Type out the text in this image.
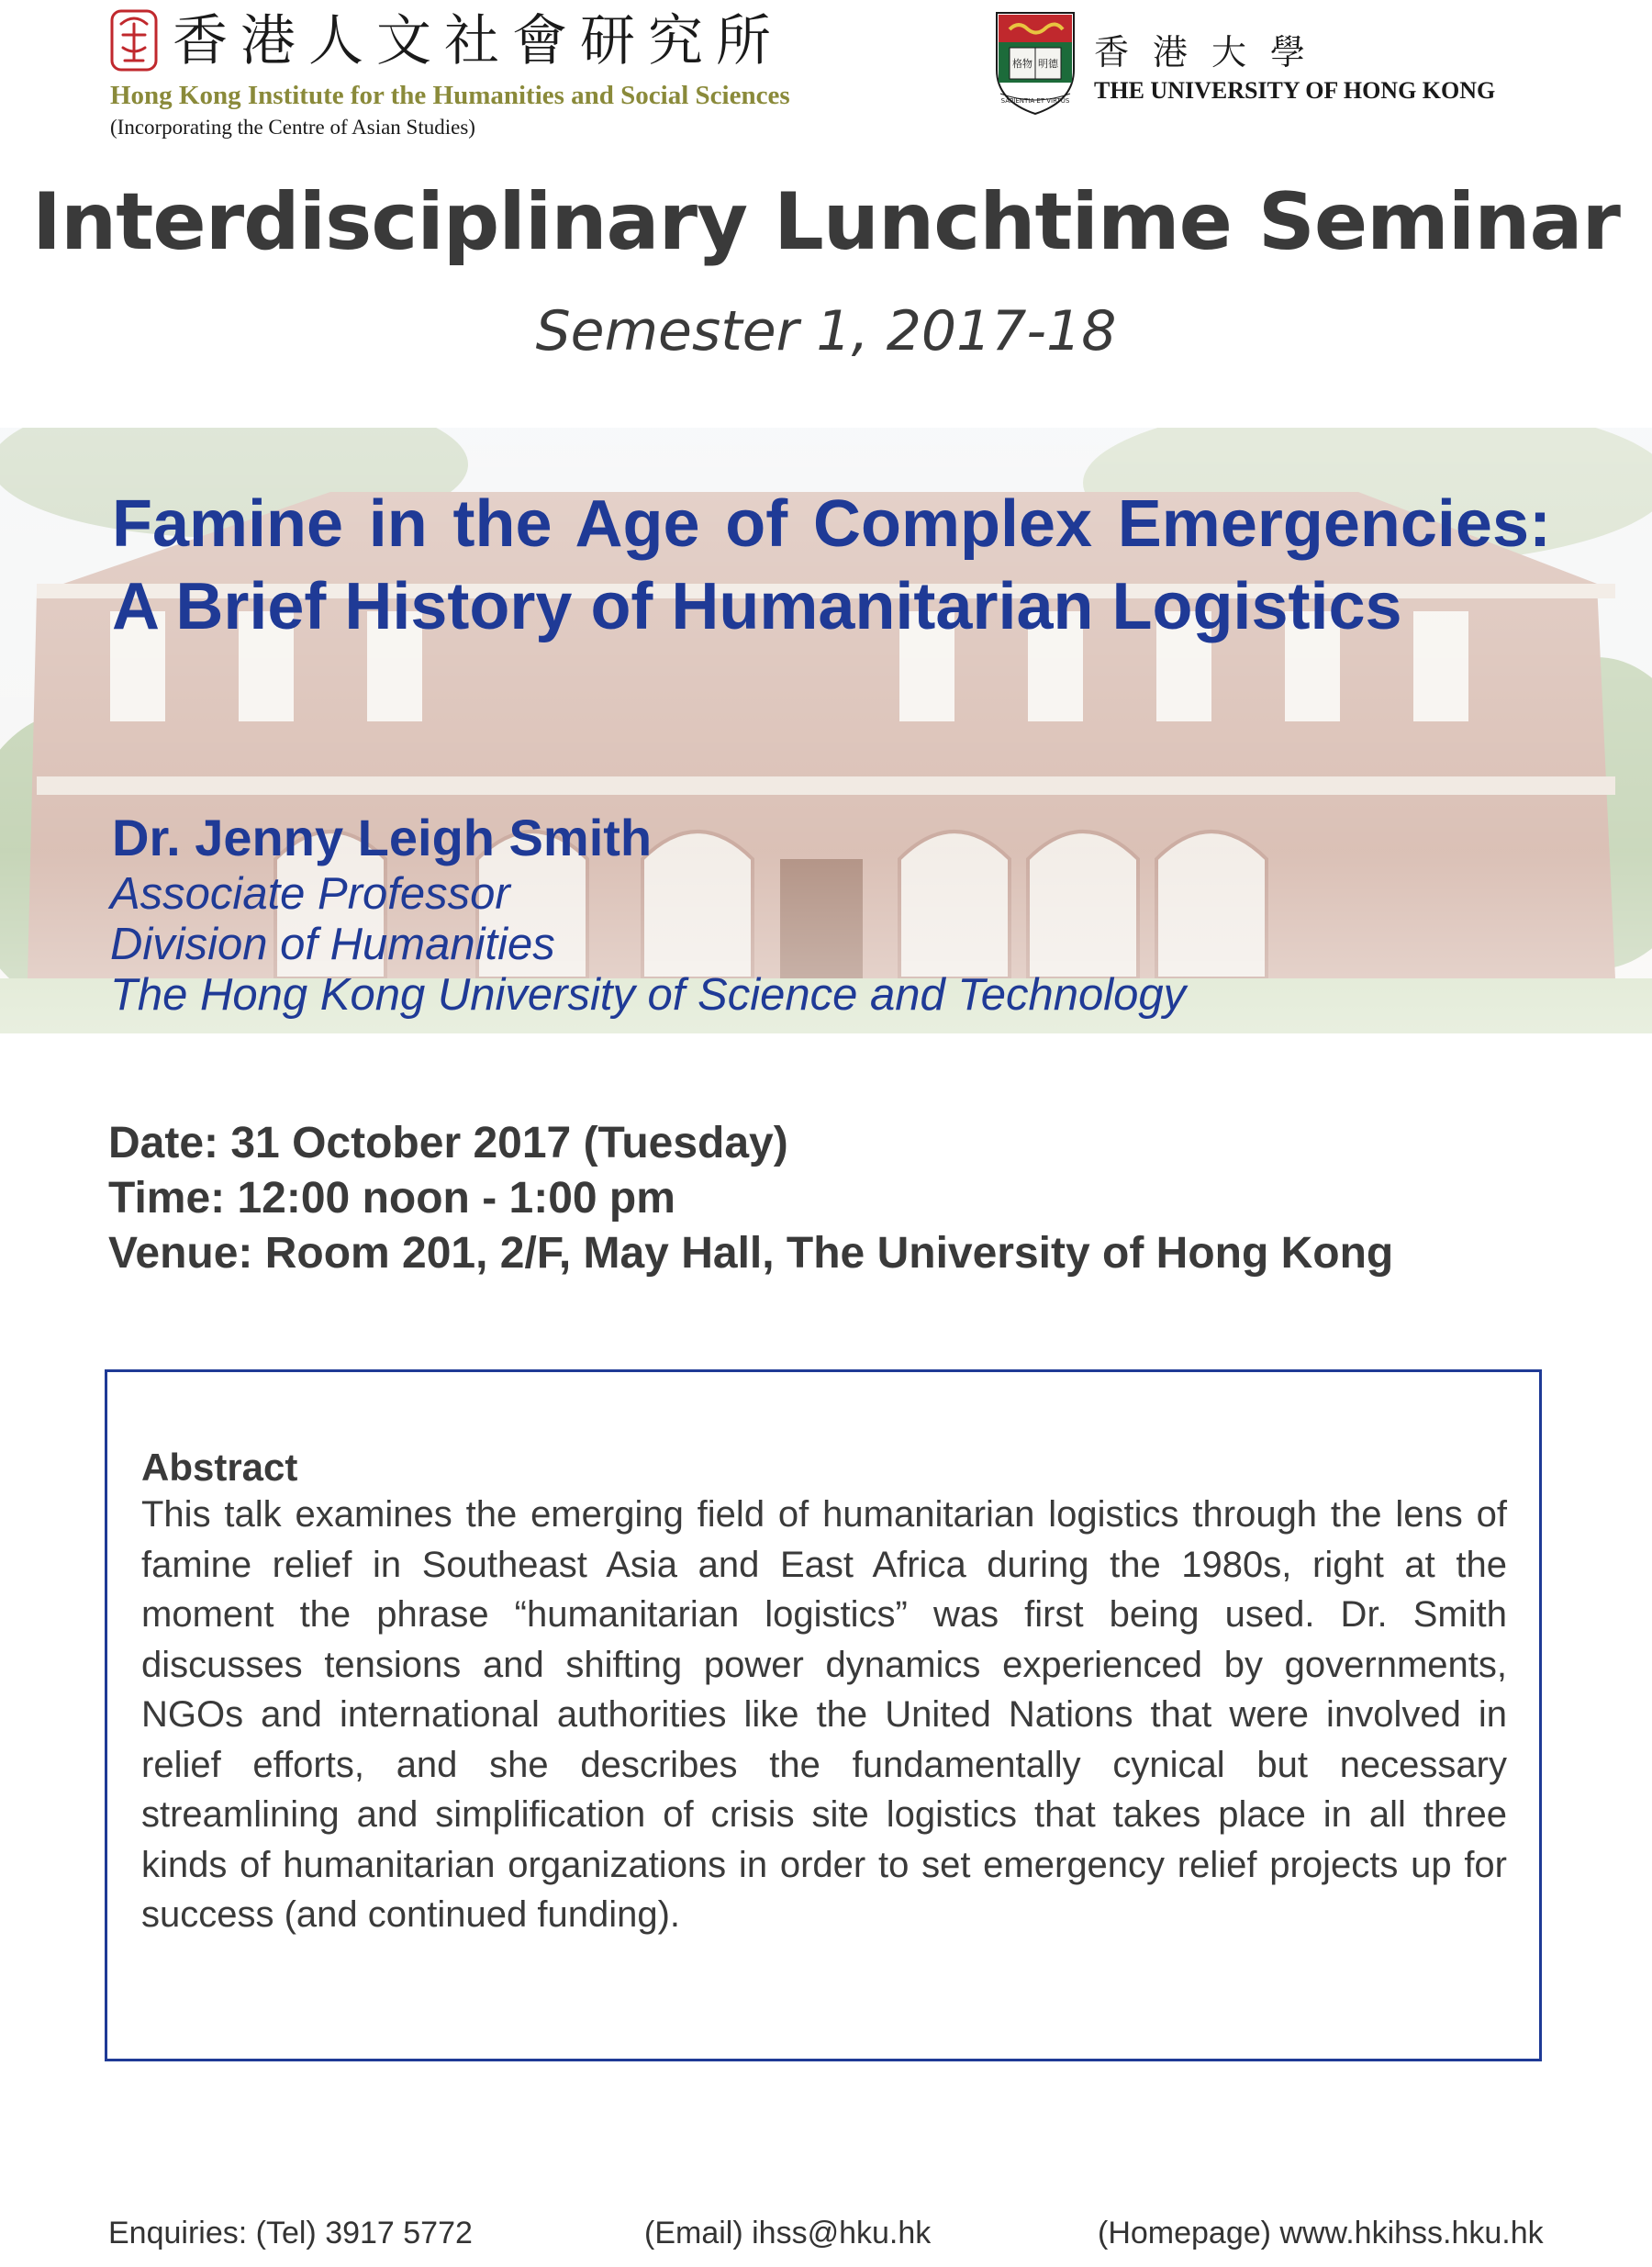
香港人文社會研究所
Hong Kong Institute for the Humanities and Social Sciences
(Incorporating the Centre of Asian Studies)
格物 明德
SAPIENTIA ET VIRTUS
香港大學
THE UNIVERSITY OF HONG KONG
Interdisciplinary Lunchtime Seminar
Semester 1, 2017-18
Famine in the Age of Complex Emergencies: A Brief History of Humanitarian Logistics
Dr. Jenny Leigh Smith
Associate Professor
Division of Humanities
The Hong Kong University of Science and Technology
Date: 31 October 2017 (Tuesday)
Time: 12:00 noon - 1:00 pm
Venue: Room 201, 2/F, May Hall, The University of Hong Kong
Abstract
This talk examines the emerging field of humanitarian logistics through the lens of famine relief in Southeast Asia and East Africa during the 1980s, right at the moment the phrase “humanitarian logistics” was first being used. Dr. Smith discusses tensions and shifting power dynamics experienced by governments, NGOs and international authorities like the United Nations that were involved in relief efforts, and she describes the fundamentally cynical but necessary streamlining and simplification of crisis site logistics that takes place in all three kinds of humanitarian organizations in order to set emergency relief projects up for success (and continued funding).
Enquiries: (Tel) 3917 5772	(Email) ihss@hku.hk	(Homepage) www.hkihss.hku.hk
